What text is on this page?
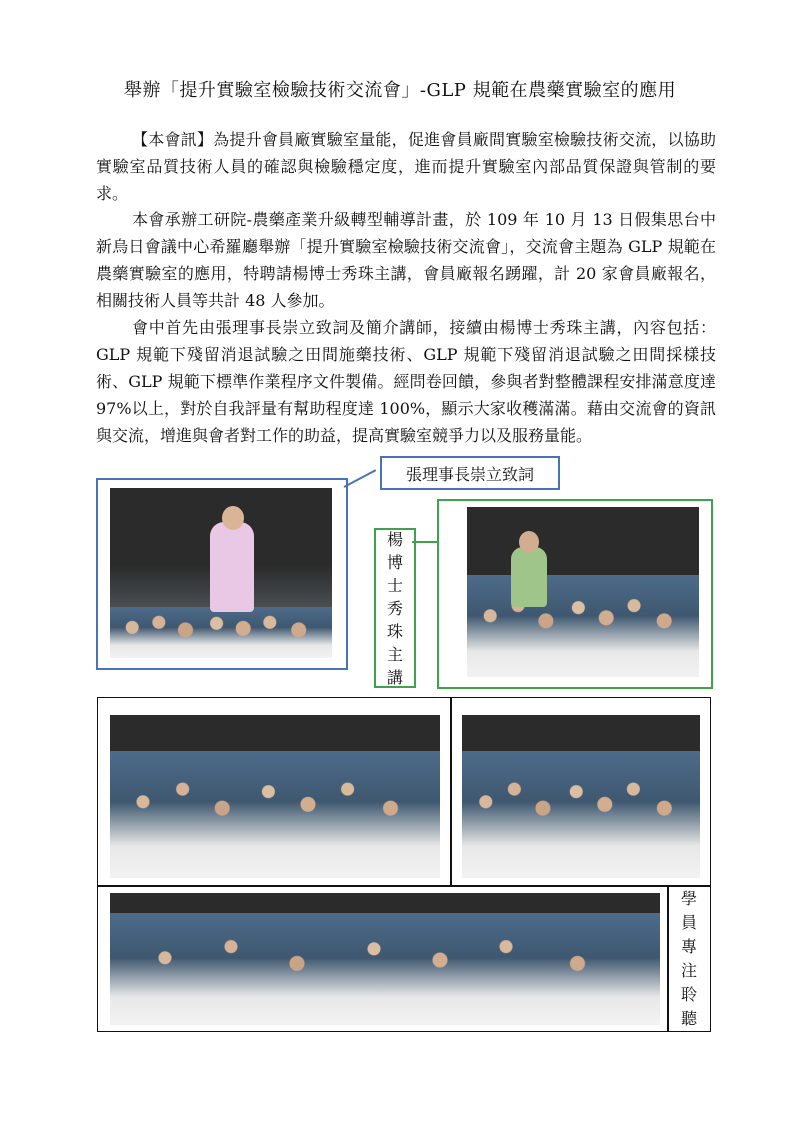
舉辦「提升實驗室檢驗技術交流會」-GLP 規範在農藥實驗室的應用

【本會訊】為提升會員廠實驗室量能，促進會員廠間實驗室檢驗技術交流，以協助實驗室品質技術人員的確認與檢驗穩定度，進而提升實驗室內部品質保證與管制的要求。

本會承辦工研院-農藥產業升級轉型輔導計畫，於 109 年 10 月 13 日假集思台中新烏日會議中心希羅廳舉辦「提升實驗室檢驗技術交流會」，交流會主題為 GLP 規範在農藥實驗室的應用，特聘請楊博士秀珠主講，會員廠報名踴躍，計 20 家會員廠報名，相關技術人員等共計 48 人參加。

會中首先由張理事長崇立致詞及簡介講師，接續由楊博士秀珠主講，內容包括：GLP 規範下殘留消退試驗之田間施藥技術、GLP 規範下殘留消退試驗之田間採樣技術、GLP 規範下標準作業程序文件製備。經問卷回饋，參與者對整體課程安排滿意度達 97%以上，對於自我評量有幫助程度達 100%，顯示大家收穫滿滿。藉由交流會的資訊與交流，增進與會者對工作的助益，提高實驗室競爭力以及服務量能。

張理事長崇立致詞
楊
博
士
秀
珠
主
講
學
員
專
注
聆
聽
